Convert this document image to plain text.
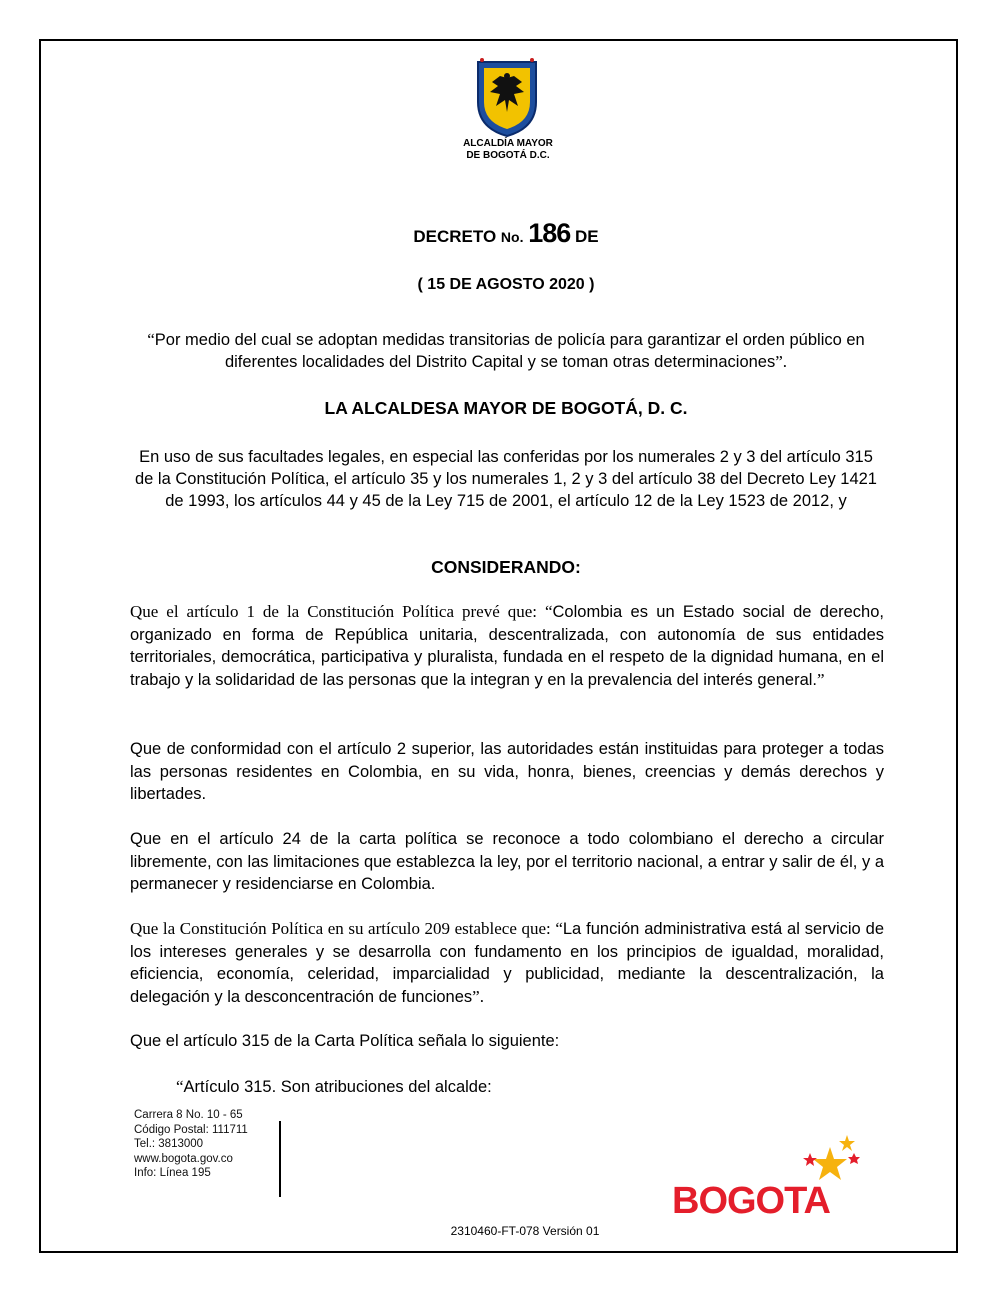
ALCALDÍA MAYOR
DE BOGOTÁ D.C.
DECRETO No. 186 DE
( 15 DE AGOSTO 2020 )
“Por medio del cual se adoptan medidas transitorias de policía para garantizar el orden público en diferentes localidades del Distrito Capital y se toman otras determinaciones”.
LA ALCALDESA MAYOR DE BOGOTÁ, D. C.
En uso de sus facultades legales, en especial las conferidas por los numerales 2 y 3 del artículo 315 de la Constitución Política, el artículo 35 y los numerales 1, 2 y 3 del artículo 38 del Decreto Ley 1421 de 1993, los artículos 44 y 45 de la Ley 715 de 2001, el artículo 12 de la Ley 1523 de 2012, y
CONSIDERANDO:
Que el artículo 1 de la Constitución Política prevé que: “Colombia es un Estado social de derecho, organizado en forma de República unitaria, descentralizada, con autonomía de sus entidades territoriales, democrática, participativa y pluralista, fundada en el respeto de la dignidad humana, en el trabajo y la solidaridad de las personas que la integran y en la prevalencia del interés general.”
Que de conformidad con el artículo 2 superior, las autoridades están instituidas para proteger a todas las personas residentes en Colombia, en su vida, honra, bienes, creencias y demás derechos y libertades.
Que en el artículo 24 de la carta política se reconoce a todo colombiano el derecho a circular libremente, con las limitaciones que establezca la ley, por el territorio nacional, a entrar y salir de él, y a permanecer y residenciarse en Colombia.
Que la Constitución Política en su artículo 209 establece que: “La función administrativa está al servicio de los intereses generales y se desarrolla con fundamento en los principios de igualdad, moralidad, eficiencia, economía, celeridad, imparcialidad y publicidad, mediante la descentralización, la delegación y la desconcentración de funciones”.
Que el artículo 315 de la Carta Política señala lo siguiente:
“Artículo 315. Son atribuciones del alcalde:
Carrera 8 No. 10 - 65
Código Postal: 111711
Tel.: 3813000
www.bogota.gov.co
Info: Línea 195
BOGOTA
2310460-FT-078 Versión 01
